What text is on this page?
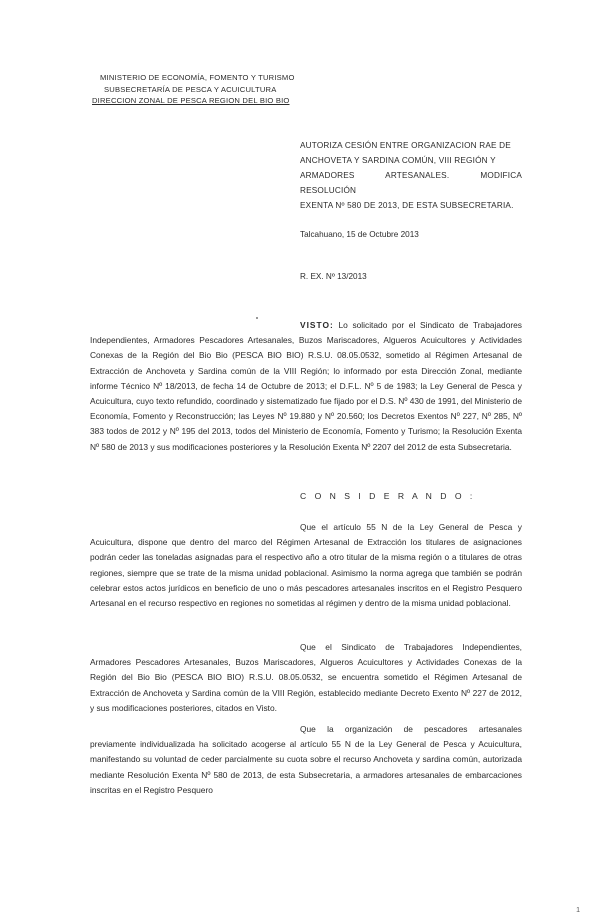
MINISTERIO DE ECONOMÍA, FOMENTO Y TURISMO
SUBSECRETARÍA DE PESCA Y ACUICULTURA
DIRECCION ZONAL DE PESCA REGION DEL BIO BIO
AUTORIZA CESIÓN ENTRE ORGANIZACION RAE DE
ANCHOVETA Y SARDINA COMÚN, VIII REGIÓN Y
ARMADORES ARTESANALES. MODIFICA RESOLUCIÓN
EXENTA Nº 580 DE 2013, DE ESTA SUBSECRETARIA.
Talcahuano, 15 de Octubre 2013
R. EX. Nº 13/2013
VISTO: Lo solicitado por el Sindicato de Trabajadores Independientes, Armadores Pescadores Artesanales, Buzos Mariscadores, Algueros Acuicultores y Actividades Conexas de la Región del Bio Bio (PESCA BIO BIO) R.S.U. 08.05.0532, sometido al Régimen Artesanal de Extracción de Anchoveta y Sardina común de la VIII Región; lo informado por esta Dirección Zonal, mediante informe Técnico Nº 18/2013, de fecha 14 de Octubre de 2013; el D.F.L. Nº 5 de 1983; la Ley General de Pesca y Acuicultura, cuyo texto refundido, coordinado y sistematizado fue fijado por el D.S. Nº 430 de 1991, del Ministerio de Economía, Fomento y Reconstrucción; las Leyes Nº 19.880 y Nº 20.560; los Decretos Exentos Nº 227, Nº 285, Nº 383 todos de 2012 y Nº 195 del 2013, todos del Ministerio de Economía, Fomento y Turismo; la Resolución Exenta Nº 580 de 2013 y sus modificaciones posteriores y la Resolución Exenta Nº 2207 del 2012 de esta Subsecretaria.
C O N S I D E R A N D O :
Que el artículo 55 N de la Ley General de Pesca y Acuicultura, dispone que dentro del marco del Régimen Artesanal de Extracción los titulares de asignaciones podrán ceder las toneladas asignadas para el respectivo año a otro titular de la misma región o a titulares de otras regiones, siempre que se trate de la misma unidad poblacional. Asimismo la norma agrega que también se podrán celebrar estos actos jurídicos en beneficio de uno o más pescadores artesanales inscritos en el Registro Pesquero Artesanal en el recurso respectivo en regiones no sometidas al régimen y dentro de la misma unidad poblacional.
Que el Sindicato de Trabajadores Independientes, Armadores Pescadores Artesanales, Buzos Mariscadores, Algueros Acuicultores y Actividades Conexas de la Región del Bio Bio (PESCA BIO BIO) R.S.U. 08.05.0532, se encuentra sometido el Régimen Artesanal de Extracción de Anchoveta y Sardina común de la VIII Región, establecido mediante Decreto Exento Nº 227 de 2012, y sus modificaciones posteriores, citados en Visto.
Que la organización de pescadores artesanales previamente individualizada ha solicitado acogerse al artículo 55 N de la Ley General de Pesca y Acuicultura, manifestando su voluntad de ceder parcialmente su cuota sobre el recurso Anchoveta y sardina común, autorizada mediante Resolución Exenta Nº 580 de 2013, de esta Subsecretaria, a armadores artesanales de embarcaciones inscritas en el Registro Pesquero
1
